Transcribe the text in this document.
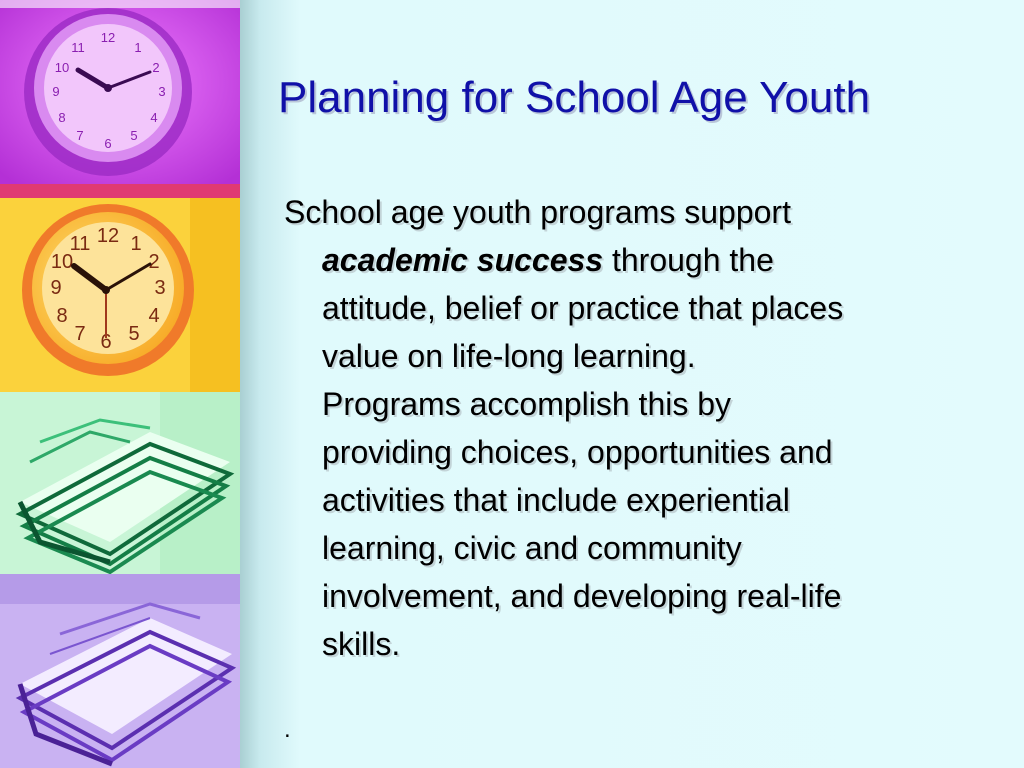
12
1
2
3
4
5
6
7
8
9
10
11
12 1
2
3
4
5
6
7
8
9
10
11
Planning for School Age Youth
School age youth programs support
academic success through the
attitude, belief or practice that places
value on life-long learning.
Programs accomplish this by
providing choices, opportunities and
activities that include experiential
learning, civic and community
involvement, and developing real-life
skills.
.
